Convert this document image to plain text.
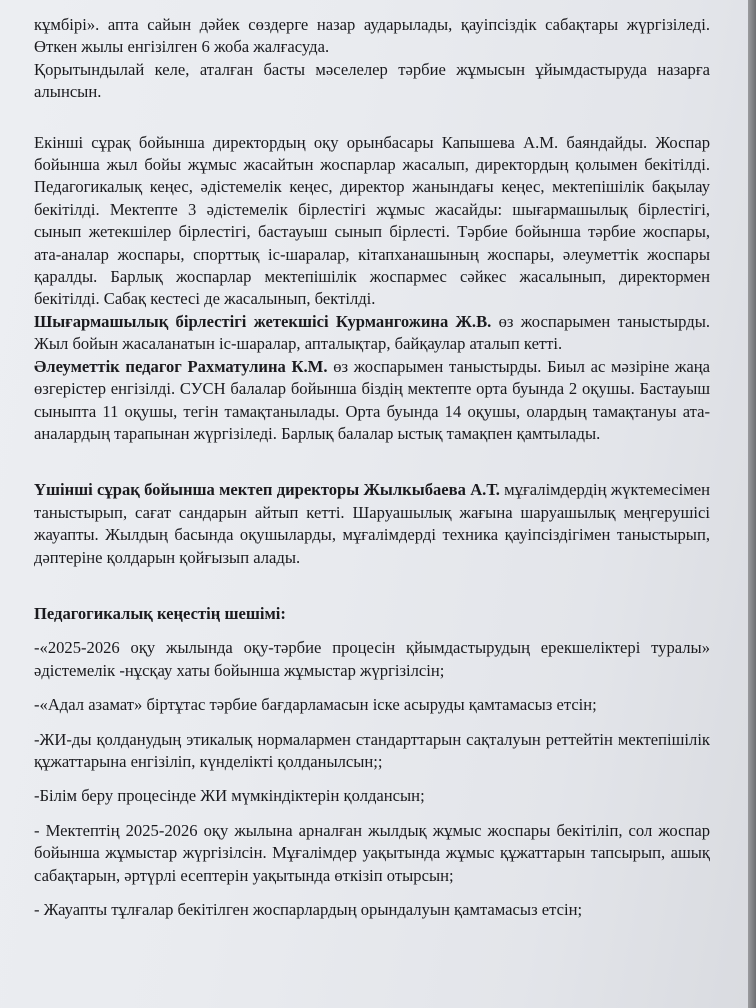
кұмбірі». апта сайын дәйек сөздерге назар аударылады, қауіпсіздік сабақтары жүргізіледі. Өткен жылы енгізілген 6 жоба жалғасуда.

Қорытындылай келе, аталған басты мәселелер тәрбие жұмысын ұйымдастыруда назарға алынсын.

Екінші сұрақ бойынша директордың оқу орынбасары Капышева А.М. баяндайды. Жоспар бойынша жыл бойы жұмыс жасайтын жоспарлар жасалып, директордың қолымен бекітілді. Педагогикалық кеңес, әдістемелік кеңес, директор жанындағы кеңес, мектепішілік бақылау бекітілді. Мектепте 3 әдістемелік бірлестігі жұмыс жасайды: шығармашылық бірлестігі, сынып жетекшілер бірлестігі, бастауыш сынып бірлесті. Тәрбие бойынша тәрбие жоспары, ата-аналар жоспары, спорттық іс-шаралар, кітапханашының жоспары, әлеуметтік жоспары қаралды. Барлық жоспарлар мектепішілік жоспармес сәйкес жасалынып, директормен бекітілді. Сабақ кестесі де жасалынып, бектілді.

Шығармашылық бірлестігі жетекшісі Курмангожина Ж.В. өз жоспарымен таныстырды. Жыл бойын жасаланатын іс-шаралар, апталықтар, байқаулар аталып кетті.

Әлеуметтік педагог Рахматулина К.М. өз жоспарымен таныстырды. Биыл ас мәзіріне жаңа өзгерістер енгізілді. СУСН балалар бойынша біздің мектепте орта буында 2 оқушы. Бастауыш сыныпта 11 оқушы, тегін тамақтанылады. Орта буында 14 оқушы, олардың тамақтануы ата-аналардың тарапынан жүргізіледі. Барлық балалар ыстық тамақпен қамтылады.

Үшінші сұрақ бойынша мектеп директоры Жылкыбаева А.Т. мұғалімдердің жүктемесімен таныстырып, сағат сандарын айтып кетті. Шаруашылық жағына шаруашылық меңгерушісі жауапты. Жылдың басында оқушыларды, мұғалімдерді техника қауіпсіздігімен таныстырып, дәптеріне қолдарын қойғызып алады.

Педагогикалық кеңестің шешімі:

-«2025-2026 оқу жылында оқу-тәрбие процесін қйымдастырудың ерекшеліктері туралы» әдістемелік -нұсқау хаты бойынша жұмыстар жүргізілсін;

-«Адал азамат» біртұтас тәрбие бағдарламасын іске асыруды қамтамасыз етсін;

-ЖИ-ды қолданудың этикалық нормалармен стандарттарын сақталуын реттейтін мектепішілік құжаттарына енгізіліп, күнделікті қолданылсын;;

-Білім беру процесінде ЖИ мүмкіндіктерін қолдансын;

- Мектептің 2025-2026 оқу жылына арналған жылдық жұмыс жоспары бекітіліп, сол жоспар бойынша жұмыстар жүргізілсін. Мұғалімдер уақытында жұмыс құжаттарын тапсырып, ашық сабақтарын, әртүрлі есептерін уақытында өткізіп отырсын;

- Жауапты тұлғалар бекітілген жоспарлардың орындалуын қамтамасыз етсін;
